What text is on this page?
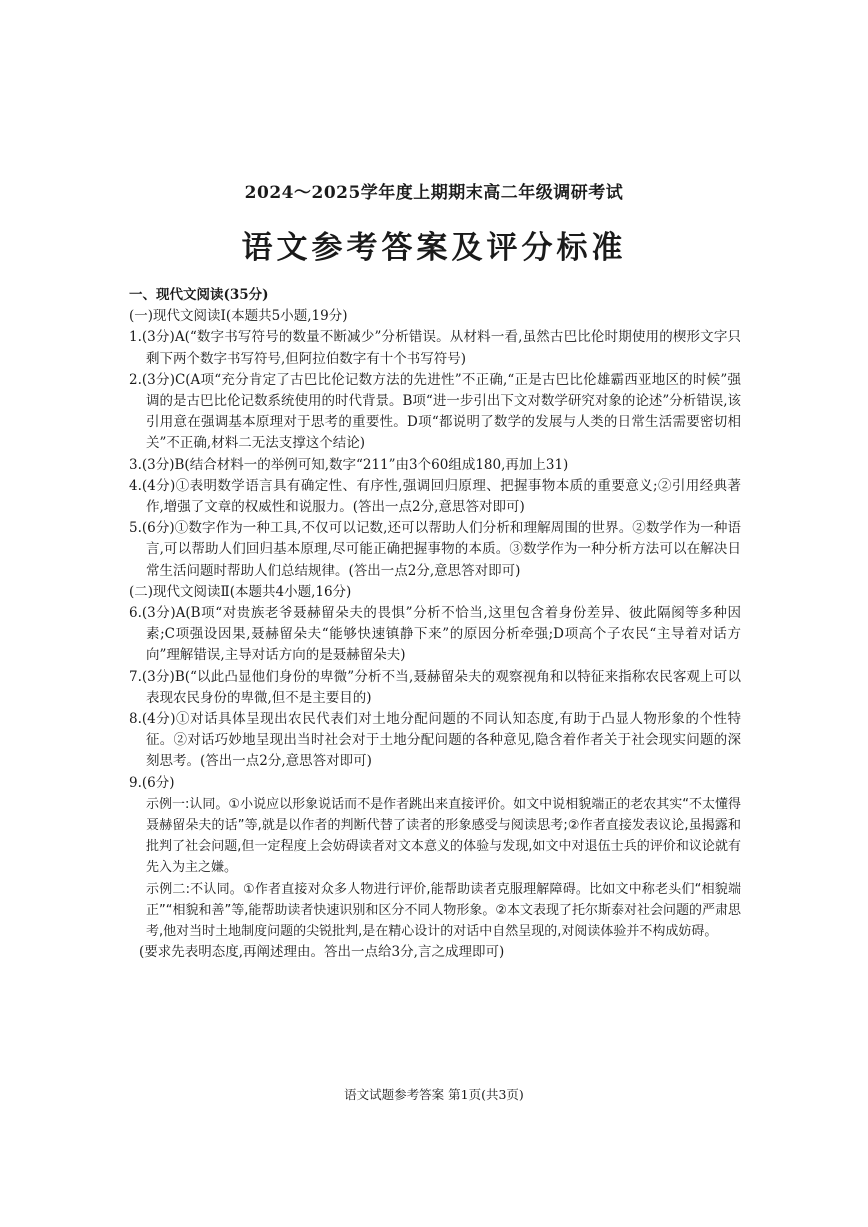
2024～2025学年度上期期末高二年级调研考试
语文参考答案及评分标准

一、现代文阅读(35分)

(一)现代文阅读Ⅰ(本题共5小题,19分)

1.(3分)A(“数字书写符号的数量不断减少”分析错误。从材料一看,虽然古巴比伦时期使用的楔形文字只剩下两个数字书写符号,但阿拉伯数字有十个书写符号)

2.(3分)C(A项“充分肯定了古巴比伦记数方法的先进性”不正确,“正是古巴比伦雄霸西亚地区的时候”强调的是古巴比伦记数系统使用的时代背景。B项“进一步引出下文对数学研究对象的论述”分析错误,该引用意在强调基本原理对于思考的重要性。D项“都说明了数学的发展与人类的日常生活需要密切相关”不正确,材料二无法支撑这个结论)

3.(3分)B(结合材料一的举例可知,数字“211”由3个60组成180,再加上31)

4.(4分)①表明数学语言具有确定性、有序性,强调回归原理、把握事物本质的重要意义;②引用经典著作,增强了文章的权威性和说服力。(答出一点2分,意思答对即可)

5.(6分)①数字作为一种工具,不仅可以记数,还可以帮助人们分析和理解周围的世界。②数学作为一种语言,可以帮助人们回归基本原理,尽可能正确把握事物的本质。③数学作为一种分析方法可以在解决日常生活问题时帮助人们总结规律。(答出一点2分,意思答对即可)

(二)现代文阅读Ⅱ(本题共4小题,16分)

6.(3分)A(B项“对贵族老爷聂赫留朵夫的畏惧”分析不恰当,这里包含着身份差异、彼此隔阂等多种因素;C项强设因果,聂赫留朵夫“能够快速镇静下来”的原因分析牵强;D项高个子农民“主导着对话方向”理解错误,主导对话方向的是聂赫留朵夫)

7.(3分)B(“以此凸显他们身份的卑微”分析不当,聂赫留朵夫的观察视角和以特征来指称农民客观上可以表现农民身份的卑微,但不是主要目的)

8.(4分)①对话具体呈现出农民代表们对土地分配问题的不同认知态度,有助于凸显人物形象的个性特征。②对话巧妙地呈现出当时社会对于土地分配问题的各种意见,隐含着作者关于社会现实问题的深刻思考。(答出一点2分,意思答对即可)

9.(6分)

示例一:认同。①小说应以形象说话而不是作者跳出来直接评价。如文中说相貌端正的老农其实“不太懂得聂赫留朵夫的话”等,就是以作者的判断代替了读者的形象感受与阅读思考;②作者直接发表议论,虽揭露和批判了社会问题,但一定程度上会妨碍读者对文本意义的体验与发现,如文中对退伍士兵的评价和议论就有先入为主之嫌。

示例二:不认同。①作者直接对众多人物进行评价,能帮助读者克服理解障碍。比如文中称老头们“相貌端正”“相貌和善”等,能帮助读者快速识别和区分不同人物形象。②本文表现了托尔斯泰对社会问题的严肃思考,他对当时土地制度问题的尖锐批判,是在精心设计的对话中自然呈现的,对阅读体验并不构成妨碍。

(要求先表明态度,再阐述理由。答出一点给3分,言之成理即可)

语文试题参考答案 第1页(共3页)
